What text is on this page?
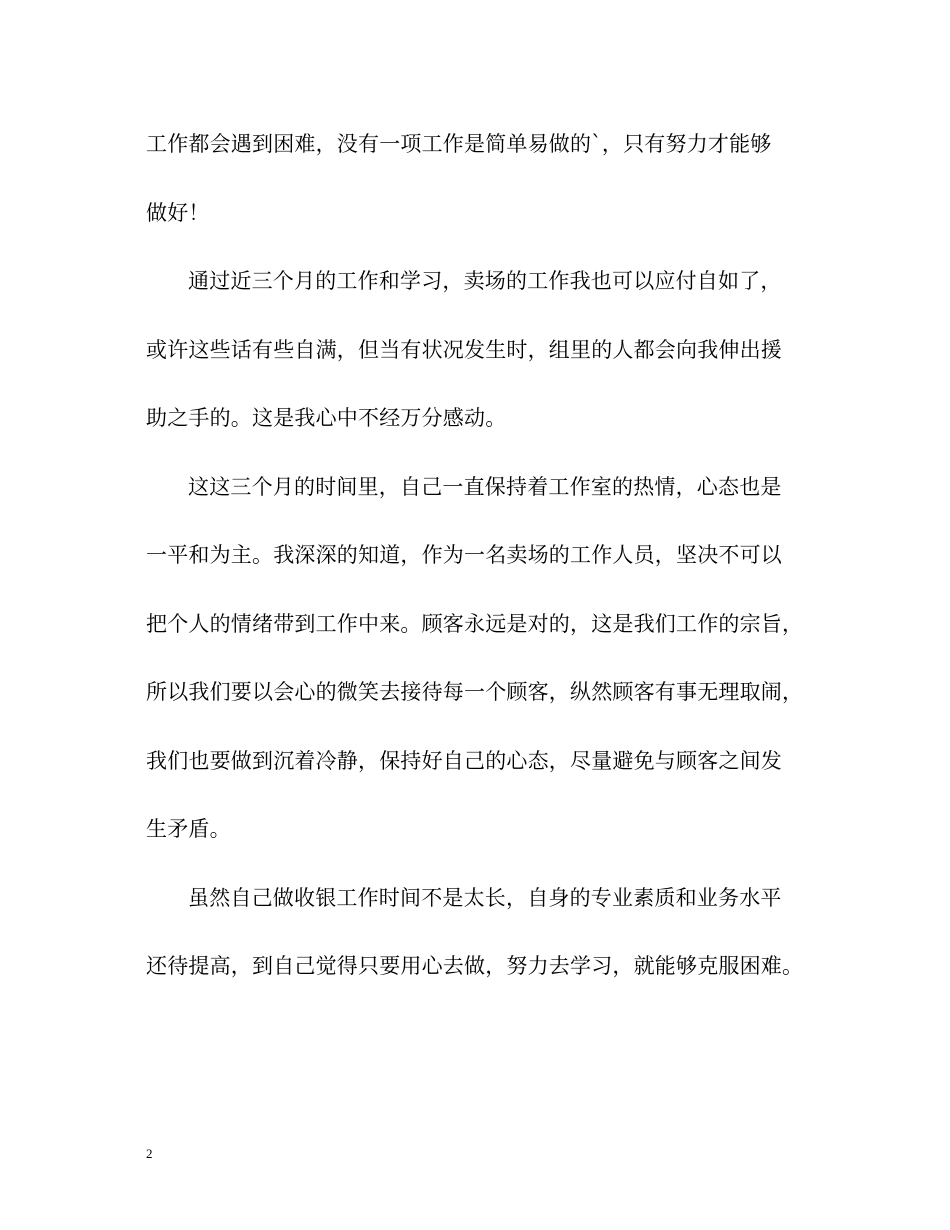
工作都会遇到困难，没有一项工作是简单易做的`，只有努力才能够
做好！
通过近三个月的工作和学习，卖场的工作我也可以应付自如了，
或许这些话有些自满，但当有状况发生时，组里的人都会向我伸出援
助之手的。这是我心中不经万分感动。
这这三个月的时间里，自己一直保持着工作室的热情，心态也是
一平和为主。我深深的知道，作为一名卖场的工作人员，坚决不可以
把个人的情绪带到工作中来。顾客永远是对的，这是我们工作的宗旨，
所以我们要以会心的微笑去接待每一个顾客，纵然顾客有事无理取闹，
我们也要做到沉着冷静，保持好自己的心态，尽量避免与顾客之间发
生矛盾。
虽然自己做收银工作时间不是太长，自身的专业素质和业务水平
还待提高，到自己觉得只要用心去做，努力去学习，就能够克服困难。
2
